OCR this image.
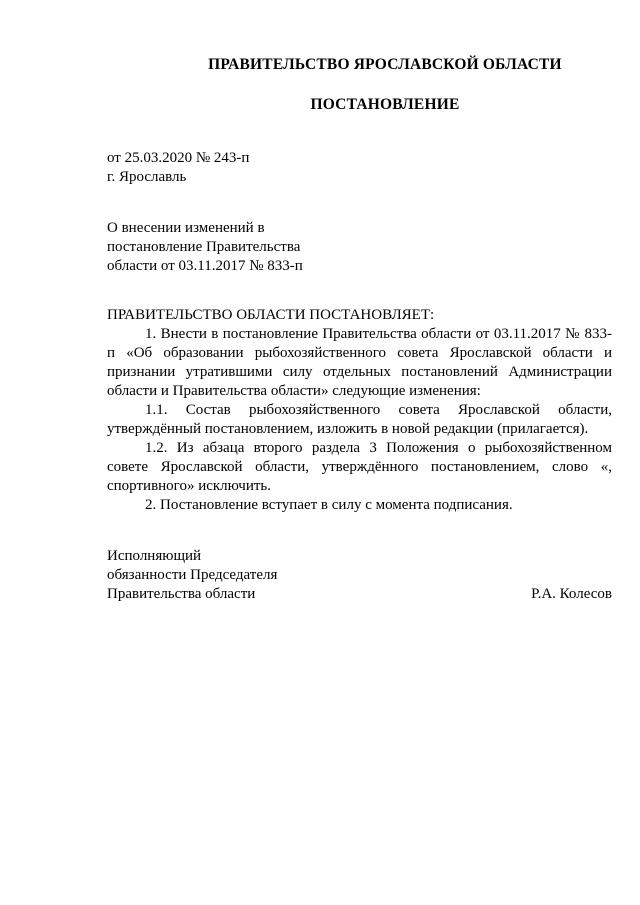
ПРАВИТЕЛЬСТВО ЯРОСЛАВСКОЙ ОБЛАСТИ
ПОСТАНОВЛЕНИЕ
от 25.03.2020 № 243-п
г. Ярославль
О внесении изменений в
постановление Правительства
области от 03.11.2017 № 833-п

ПРАВИТЕЛЬСТВО ОБЛАСТИ ПОСТАНОВЛЯЕТ:

1. Внести в постановление Правительства области от 03.11.2017 № 833-п «Об образовании рыбохозяйственного совета Ярославской области и признании утратившими силу отдельных постановлений Администрации области и Правительства области» следующие изменения:

1.1. Состав рыбохозяйственного совета Ярославской области, утверждённый постановлением, изложить в новой редакции (прилагается).

1.2. Из абзаца второго раздела 3 Положения о рыбохозяйственном совете Ярославской области, утверждённого постановлением, слово «, спортивного» исключить.

2. Постановление вступает в силу с момента подписания.

Исполняющий
обязанности Председателя
Правительства области	Р.А. Колесов
